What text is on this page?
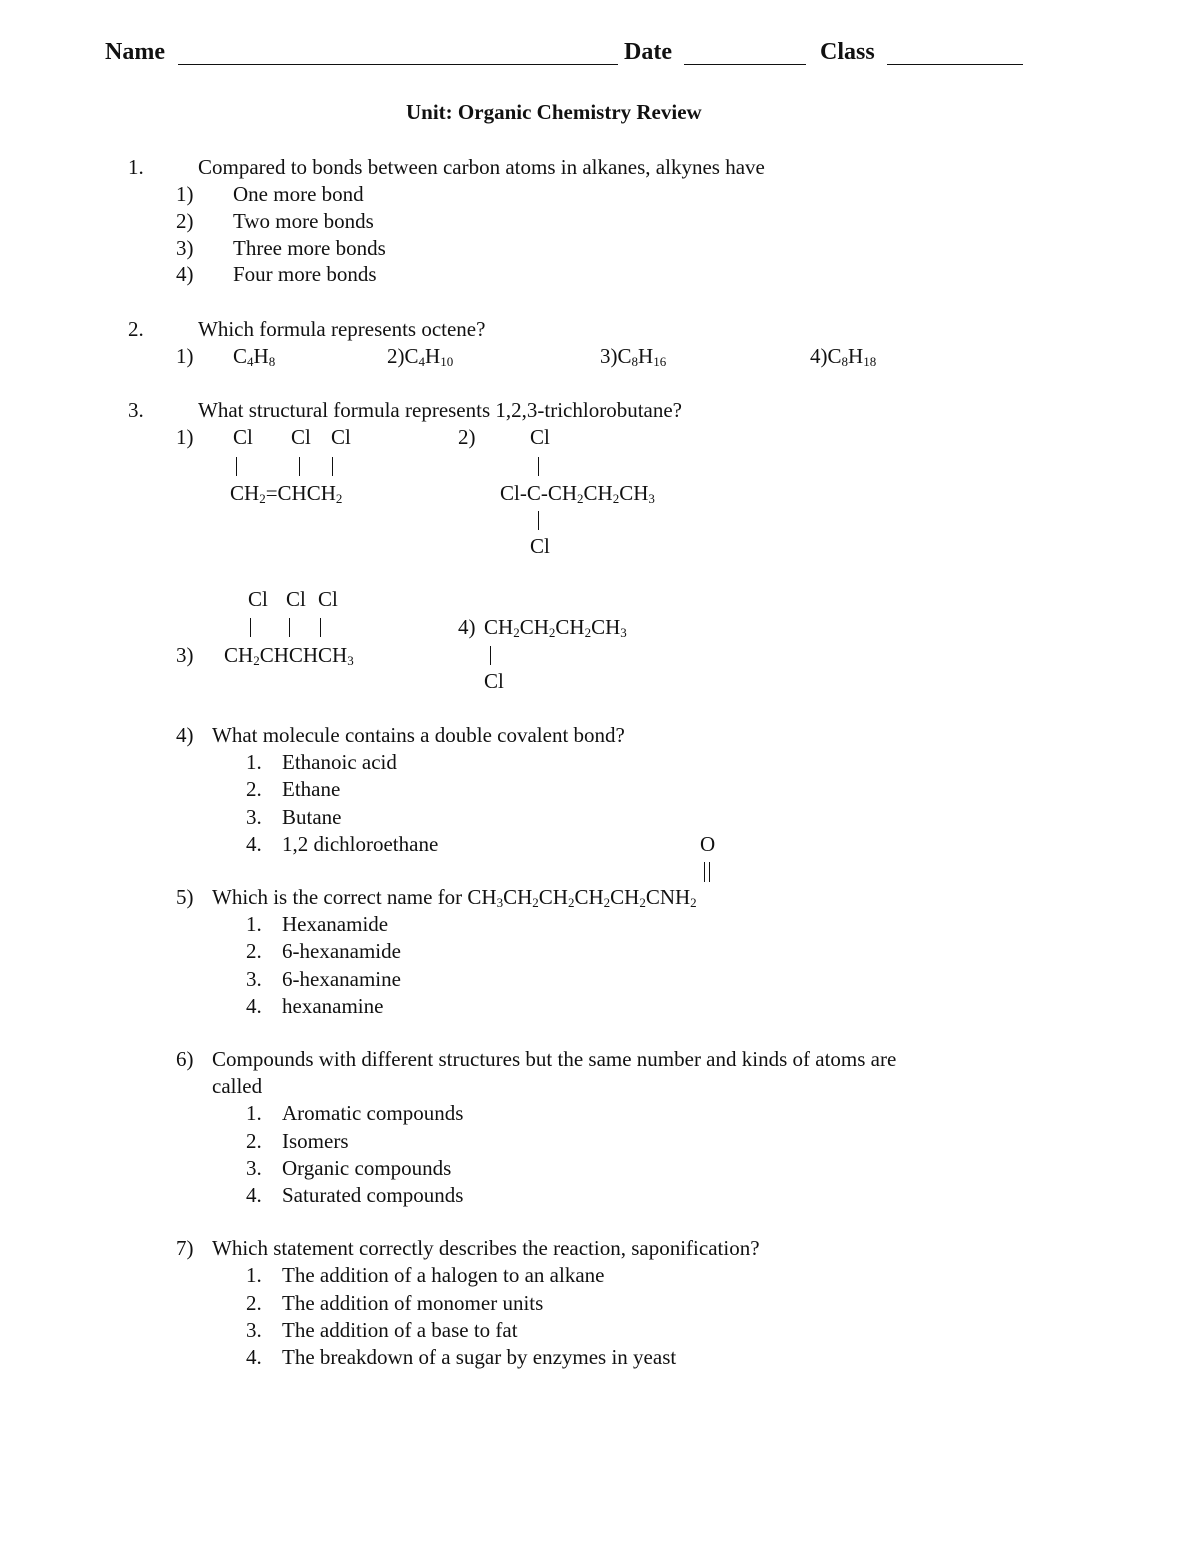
Name	Date	Class
Unit: Organic Chemistry Review
1.	Compared to bonds between carbon atoms in alkanes, alkynes have
1) One more bond
2) Two more bonds
3) Three more bonds
4) Four more bonds
2.	Which formula represents octene?
1) $C_4H_8$	$2)C_4H_{10}$	$3)C_8H_{16}$	$4)C_8H_{18}$
3.	What structural formula represents 1,2,3-trichlorobutane?
1) Cl Cl Cl
$CH_2=CHCH_2$
2)	Cl
$Cl-C-CH_2CH_2CH_3$
Cl
Cl Cl Cl
3) $CH_2CHCHCH_3$
4) $CH_2CH_2CH_2CH_3$
Cl
4) What molecule contains a double covalent bond?
1. Ethanoic acid
2. Ethane
3. Butane
4. 1,2 dichloroethane	O
5) Which is the correct name for $CH_3CH_2CH_2CH_2CH_2CNH_2$
1. Hexanamide
2. 6-hexanamide
3. 6-hexanamine
4. hexanamine
6) Compounds with different structures but the same number and kinds of atoms are
called
1. Aromatic compounds
2. Isomers
3. Organic compounds
4. Saturated compounds
7) Which statement correctly describes the reaction, saponification?
1. The addition of a halogen to an alkane
2. The addition of monomer units
3. The addition of a base to fat
4. The breakdown of a sugar by enzymes in yeast
